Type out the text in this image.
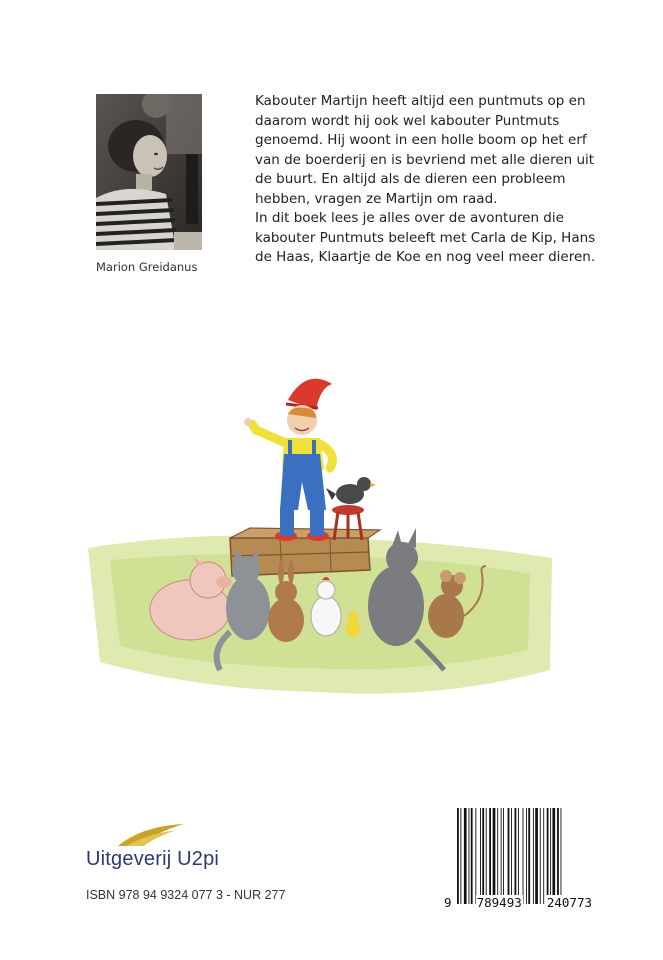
Marion Greidanus

Kabouter Martijn heeft altijd een puntmuts op en daarom wordt hij ook wel kabouter Puntmuts genoemd. Hij woont in een holle boom op het erf van de boerderij en is bevriend met alle dieren uit de buurt. En altijd als de dieren een probleem hebben, vragen ze Martijn om raad.

In dit boek lees je alles over de avonturen die kabouter Puntmuts beleeft met Carla de Kip, Hans de Haas, Klaartje de Koe en nog veel meer dieren.

Uitgeverij U2pi
ISBN 978 94 9324 077 3 - NUR 277	9 789493 240773
